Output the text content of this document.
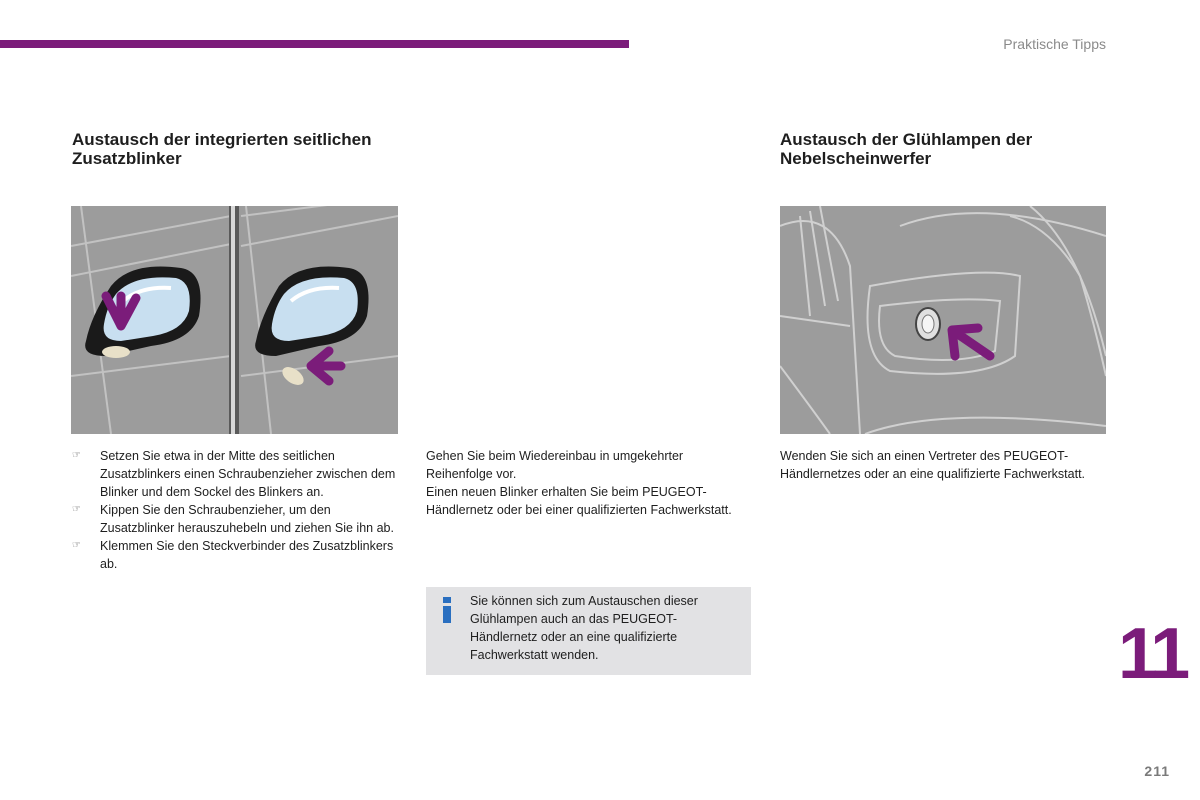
Praktische Tipps
Austausch der integrierten seitlichen Zusatzblinker
Austausch der Glühlampen der Nebelscheinwerfer
☞ Setzen Sie etwa in der Mitte des seitlichen Zusatzblinkers einen Schraubenzieher zwischen dem Blinker und dem Sockel des Blinkers an.
☞ Kippen Sie den Schraubenzieher, um den Zusatzblinker herauszuhebeln und ziehen Sie ihn ab.
☞ Klemmen Sie den Steckverbinder des Zusatzblinkers ab.

Gehen Sie beim Wiedereinbau in umgekehrter Reihenfolge vor.

Einen neuen Blinker erhalten Sie beim PEUGEOT-Händlernetz oder bei einer qualifizierten Fachwerkstatt.

Sie können sich zum Austauschen dieser Glühlampen auch an das PEUGEOT-Händlernetz oder an eine qualifizierte Fachwerkstatt wenden.
Wenden Sie sich an einen Vertreter des PEUGEOT-Händlernetzes oder an eine qualifizierte Fachwerkstatt.
11
211
